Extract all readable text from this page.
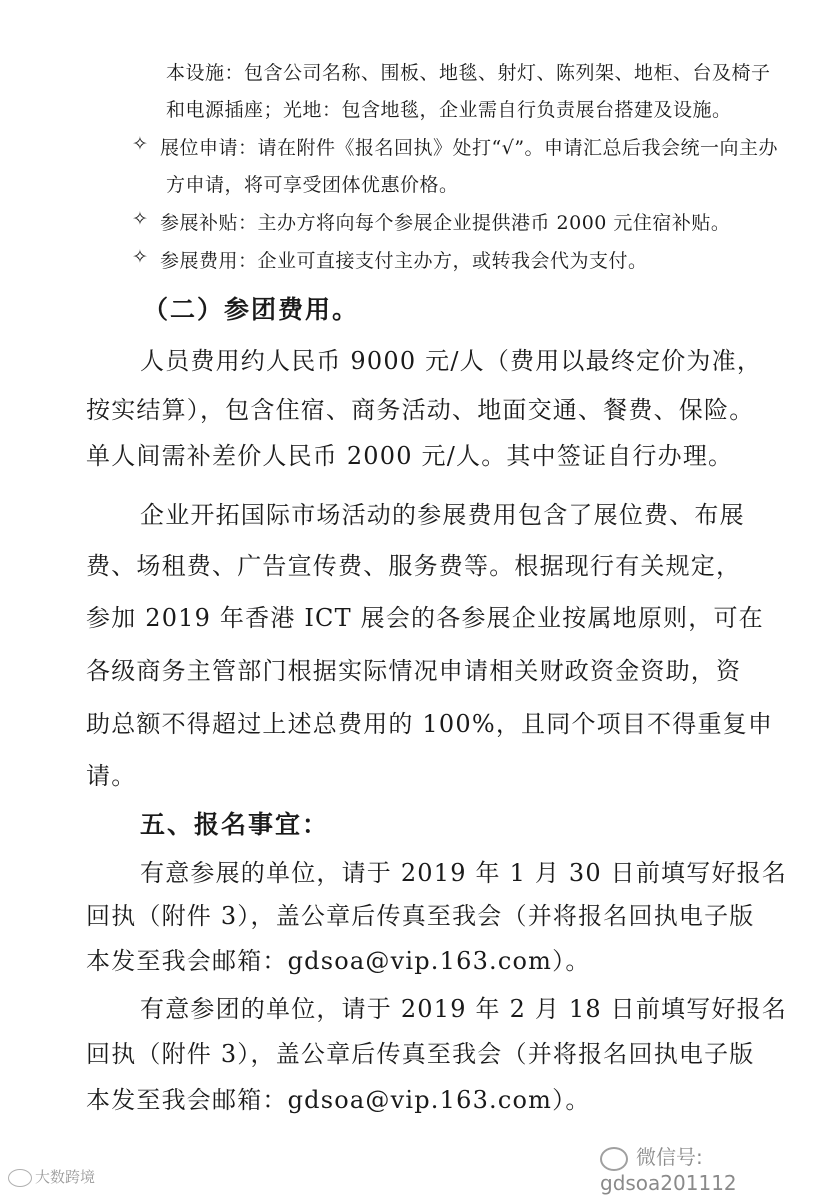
本设施：包含公司名称、围板、地毯、射灯、陈列架、地柜、台及椅子
和电源插座；光地：包含地毯，企业需自行负责展台搭建及设施。
✧ 展位申请：请在附件《报名回执》处打“√”。申请汇总后我会统一向主办
方申请，将可享受团体优惠价格。
✧ 参展补贴：主办方将向每个参展企业提供港币 2000 元住宿补贴。
✧ 参展费用：企业可直接支付主办方，或转我会代为支付。
（二）参团费用。
人员费用约人民币 9000 元/人（费用以最终定价为准，
按实结算），包含住宿、商务活动、地面交通、餐费、保险。
单人间需补差价人民币 2000 元/人。其中签证自行办理。
企业开拓国际市场活动的参展费用包含了展位费、布展
费、场租费、广告宣传费、服务费等。根据现行有关规定，
参加 2019 年香港 ICT 展会的各参展企业按属地原则，可在
各级商务主管部门根据实际情况申请相关财政资金资助，资
助总额不得超过上述总费用的 100%，且同个项目不得重复申
请。
五、报名事宜：
有意参展的单位，请于 2019 年 1 月 30 日前填写好报名
回执（附件 3），盖公章后传真至我会（并将报名回执电子版
本发至我会邮箱：gdsoa@vip.163.com）。
有意参团的单位，请于 2019 年 2 月 18 日前填写好报名
回执（附件 3），盖公章后传真至我会（并将报名回执电子版
本发至我会邮箱：gdsoa@vip.163.com）。
大数跨境
微信号: gdsoa201112
